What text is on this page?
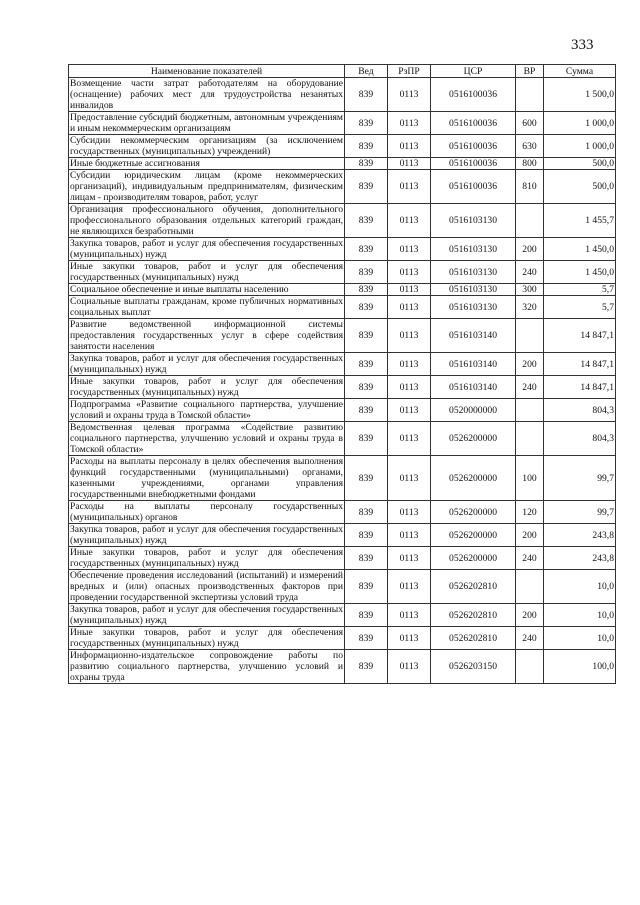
333
Наименование показателей	Вед	РзПР	ЦСР	ВР	Сумма
Возмещение части затрат работодателям на оборудование (оснащение) рабочих мест для трудоустройства незанятых инвалидов	839	0113	0516100036		1 500,0
Предоставление субсидий бюджетным, автономным учреждениям и иным некоммерческим организациям	839	0113	0516100036	600	1 000,0
Субсидии некоммерческим организациям (за исключением государственных (муниципальных) учреждений)	839	0113	0516100036	630	1 000,0
Иные бюджетные ассигнования	839	0113	0516100036	800	500,0
Субсидии юридическим лицам (кроме некоммерческих организаций), индивидуальным предпринимателям, физическим лицам - производителям товаров, работ, услуг	839	0113	0516100036	810	500,0
Организация профессионального обучения, дополнительного профессионального образования отдельных категорий граждан, не являющихся безработными	839	0113	0516103130		1 455,7
Закупка товаров, работ и услуг для обеспечения государственных (муниципальных) нужд	839	0113	0516103130	200	1 450,0
Иные закупки товаров, работ и услуг для обеспечения государственных (муниципальных) нужд	839	0113	0516103130	240	1 450,0
Социальное обеспечение и иные выплаты населению	839	0113	0516103130	300	5,7
Социальные выплаты гражданам, кроме публичных нормативных социальных выплат	839	0113	0516103130	320	5,7
Развитие ведомственной информационной системы предоставления государственных услуг в сфере содействия занятости населения	839	0113	0516103140		14 847,1
Закупка товаров, работ и услуг для обеспечения государственных (муниципальных) нужд	839	0113	0516103140	200	14 847,1
Иные закупки товаров, работ и услуг для обеспечения государственных (муниципальных) нужд	839	0113	0516103140	240	14 847,1
Подпрограмма «Развитие социального партнерства, улучшение условий и охраны труда в Томской области»	839	0113	0520000000		804,3
Ведомственная целевая программа «Содействие развитию социального партнерства, улучшению условий и охраны труда в Томской области»	839	0113	0526200000		804,3
Расходы на выплаты персоналу в целях обеспечения выполнения функций государственными (муниципальными) органами, казенными учреждениями, органами управления государственными внебюджетными фондами	839	0113	0526200000	100	99,7
Расходы на выплаты персоналу государственных (муниципальных) органов	839	0113	0526200000	120	99,7
Закупка товаров, работ и услуг для обеспечения государственных (муниципальных) нужд	839	0113	0526200000	200	243,8
Иные закупки товаров, работ и услуг для обеспечения государственных (муниципальных) нужд	839	0113	0526200000	240	243,8
Обеспечение проведения исследований (испытаний) и измерений вредных и (или) опасных производственных факторов при проведении государственной экспертизы условий труда	839	0113	0526202810		10,0
Закупка товаров, работ и услуг для обеспечения государственных (муниципальных) нужд	839	0113	0526202810	200	10,0
Иные закупки товаров, работ и услуг для обеспечения государственных (муниципальных) нужд	839	0113	0526202810	240	10,0
Информационно-издательское сопровождение работы по развитию социального партнерства, улучшению условий и охраны труда	839	0113	0526203150		100,0
